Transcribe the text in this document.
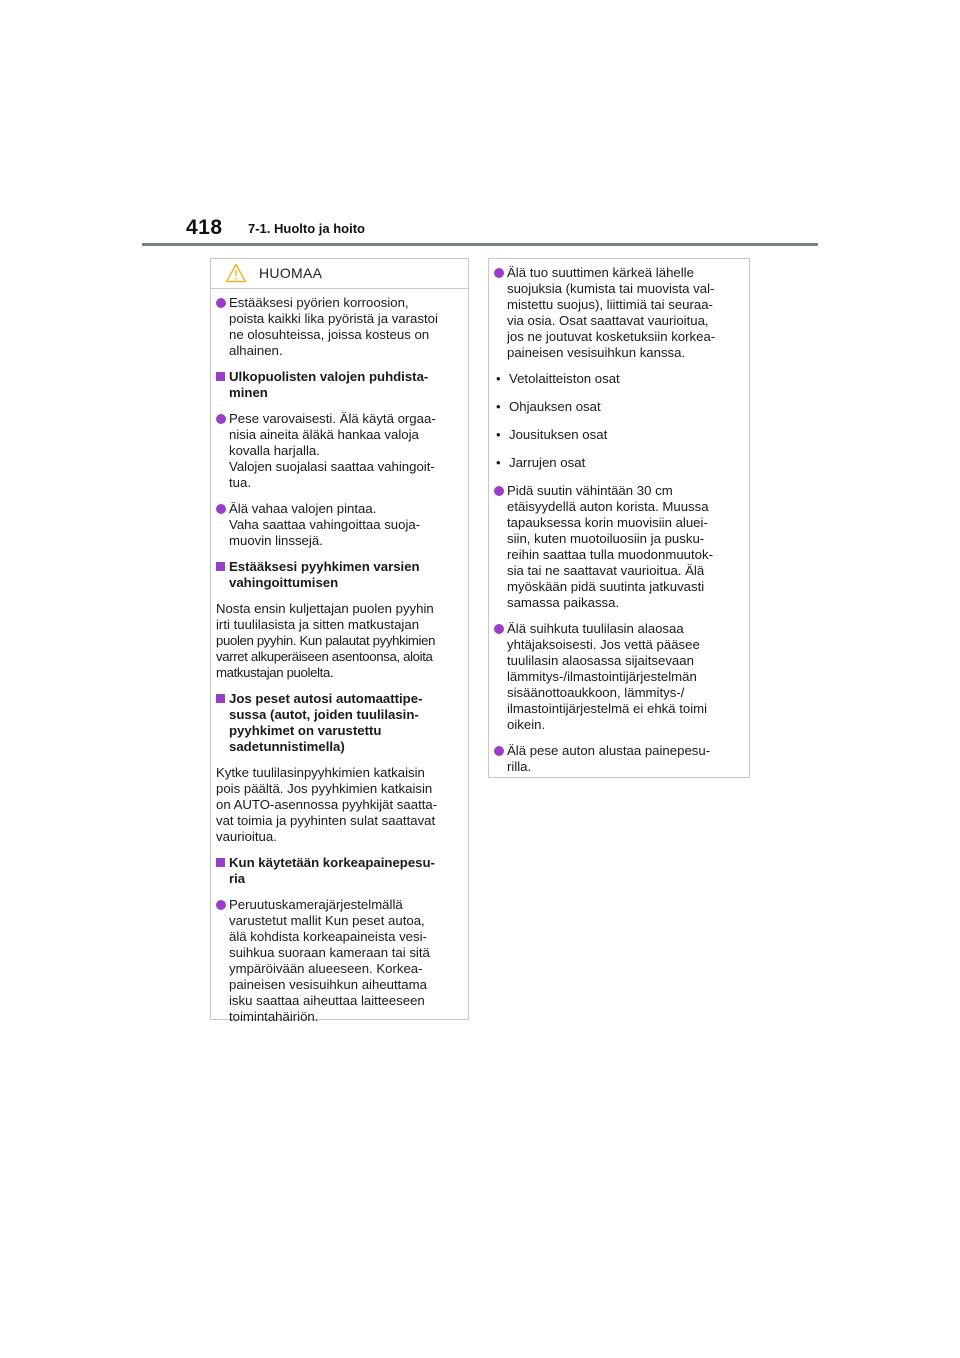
418 7-1. Huolto ja hoito
HUOMAA
Estääksesi pyörien korroosion,
poista kaikki lika pyöristä ja varastoi
ne olosuhteissa, joissa kosteus on
alhainen.
Ulkopuolisten valojen puhdista-
minen
Pese varovaisesti. Älä käytä orgaa-
nisia aineita äläkä hankaa valoja
kovalla harjalla.
Valojen suojalasi saattaa vahingoit-
tua.
Älä vahaa valojen pintaa.
Vaha saattaa vahingoittaa suoja-
muovin linssejä.
Estääksesi pyyhkimen varsien
vahingoittumisen
Nosta ensin kuljettajan puolen pyyhin
irti tuulilasista ja sitten matkustajan
puolen pyyhin. Kun palautat pyyhkimien
varret alkuperäiseen asentoonsa, aloita
matkustajan puolelta.
Jos peset autosi automaattipe-
sussa (autot, joiden tuulilasin-
pyyhkimet on varustettu
sadetunnistimella)
Kytke tuulilasinpyyhkimien katkaisin
pois päältä. Jos pyyhkimien katkaisin
on AUTO-asennossa pyyhkijät saatta-
vat toimia ja pyyhinten sulat saattavat
vaurioitua.
Kun käytetään korkeapainepesu-
ria
Peruutuskamerajärjestelmällä
varustetut mallit Kun peset autoa,
älä kohdista korkeapaineista vesi-
suihkua suoraan kameraan tai sitä
ympäröivään alueeseen. Korkea-
paineisen vesisuihkun aiheuttama
isku saattaa aiheuttaa laitteeseen
toimintahäiriön.
Älä tuo suuttimen kärkeä lähelle
suojuksia (kumista tai muovista val-
mistettu suojus), liittimiä tai seuraa-
via osia. Osat saattavat vaurioitua,
jos ne joutuvat kosketuksiin korkea-
paineisen vesisuihkun kanssa.
• Vetolaitteiston osat
• Ohjauksen osat
• Jousituksen osat
• Jarrujen osat
Pidä suutin vähintään 30 cm
etäisyydellä auton korista. Muussa
tapauksessa korin muovisiin aluei-
siin, kuten muotoiluosiin ja pusku-
reihin saattaa tulla muodonmuutok-
sia tai ne saattavat vaurioitua. Älä
myöskään pidä suutinta jatkuvasti
samassa paikassa.
Älä suihkuta tuulilasin alaosaa
yhtäjaksoisesti. Jos vettä pääsee
tuulilasin alaosassa sijaitsevaan
lämmitys-/ilmastointijärjestelmän
sisäänottoaukkoon, lämmitys-/
ilmastointijärjestelmä ei ehkä toimi
oikein.
Älä pese auton alustaa painepesu-
rilla.
